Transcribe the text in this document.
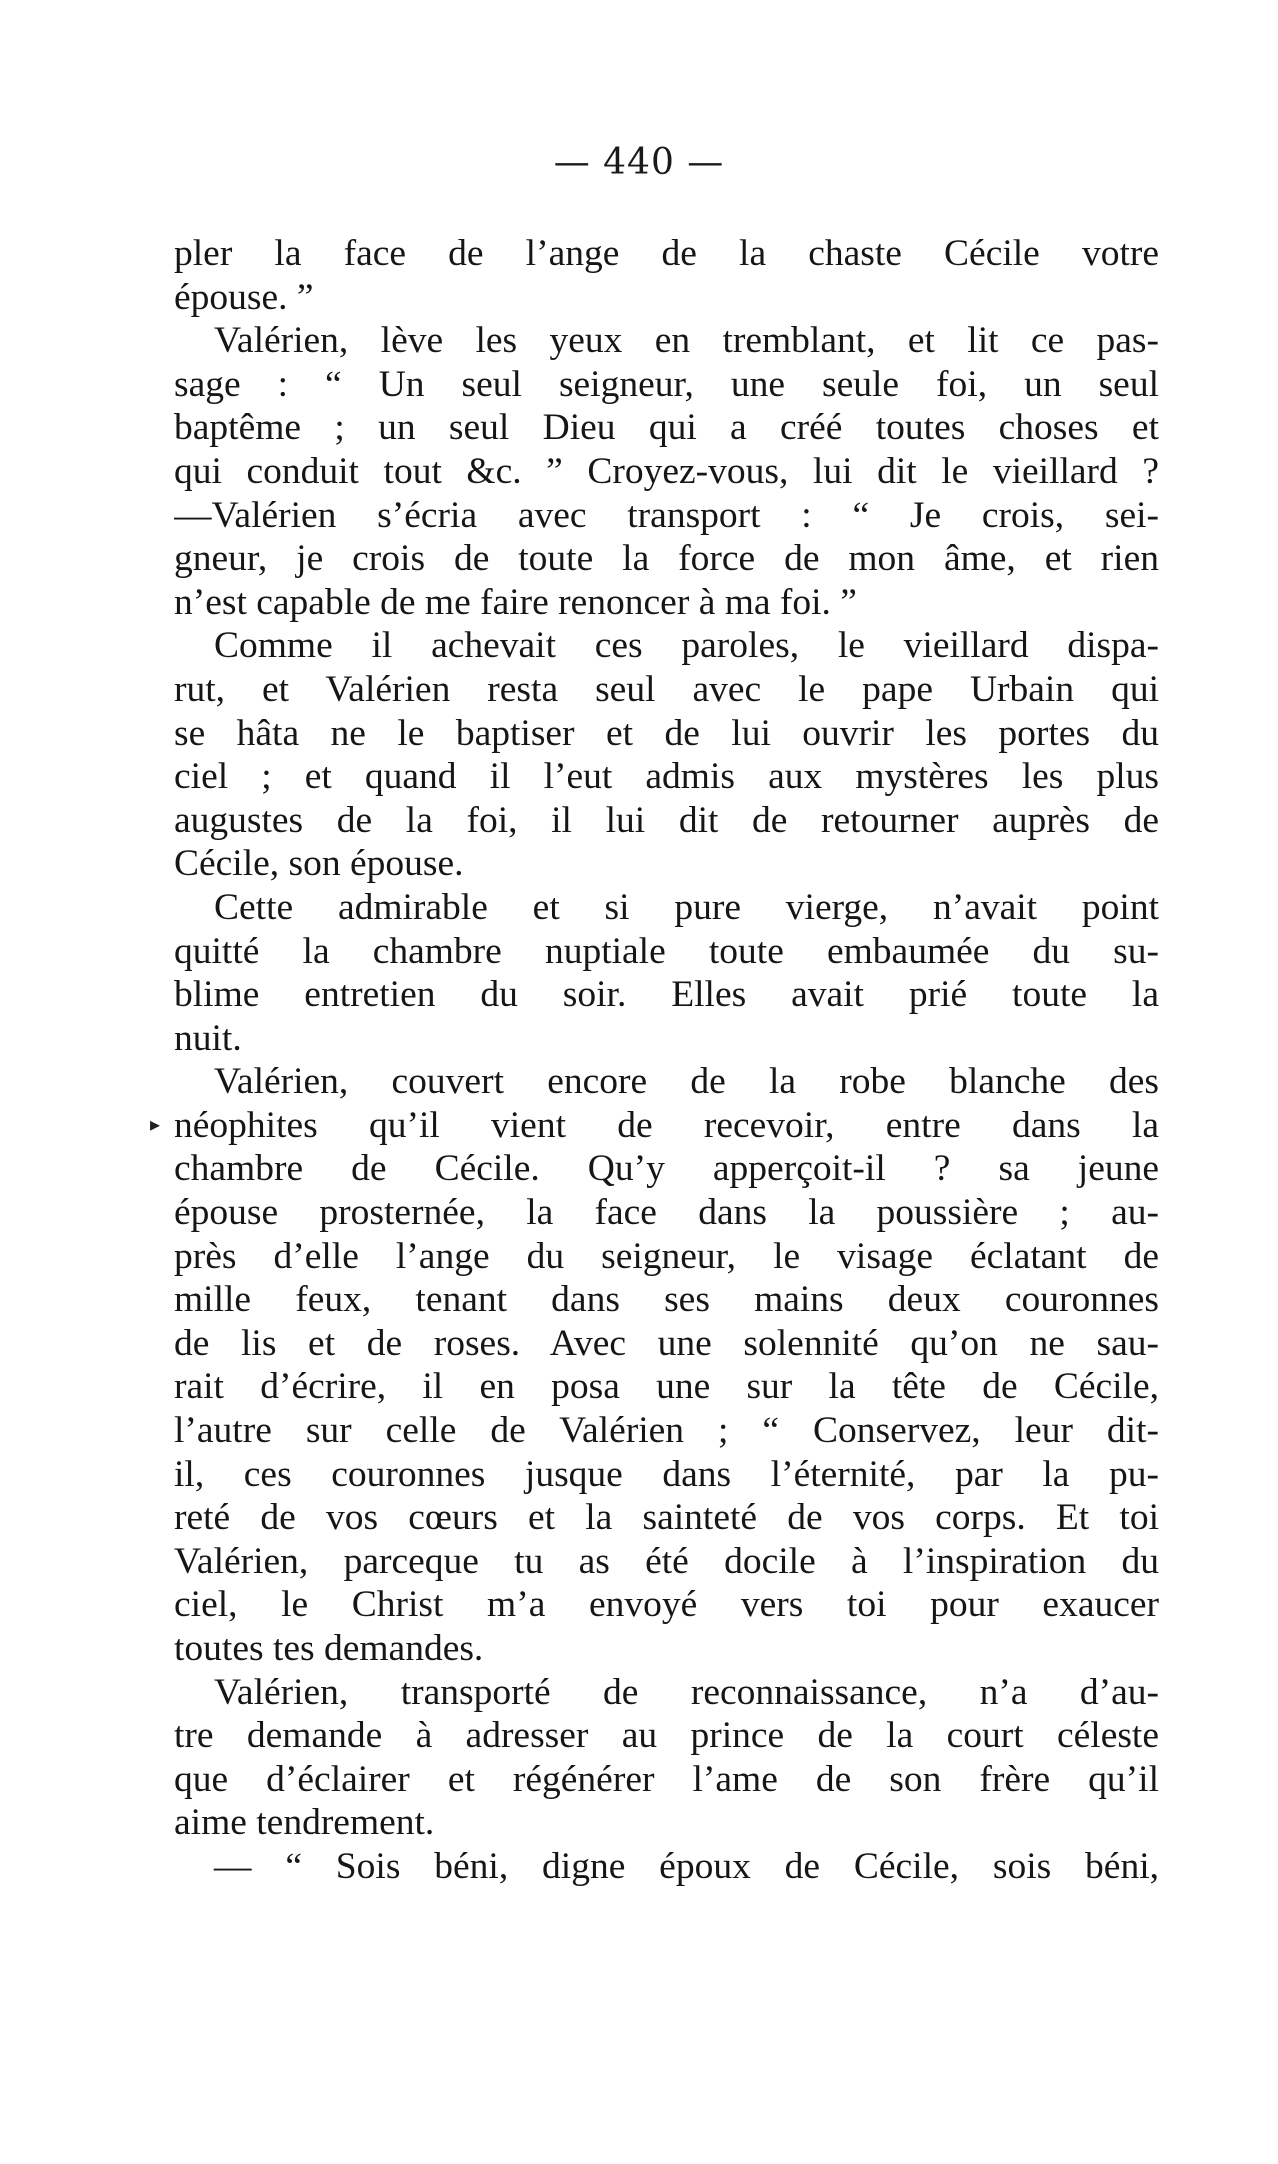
— 440 —
pler la face de l’ange de la chaste Cécile votre
épouse. ”
Valérien, lève les yeux en tremblant, et lit ce pas-
sage : “ Un seul seigneur, une seule foi, un seul
baptême ; un seul Dieu qui a créé toutes choses et
qui conduit tout &c. ” Croyez-vous, lui dit le vieillard ?
—Valérien s’écria avec transport : “ Je crois, sei-
gneur, je crois de toute la force de mon âme, et rien
n’est capable de me faire renoncer à ma foi. ”
Comme il achevait ces paroles, le vieillard dispa-
rut, et Valérien resta seul avec le pape Urbain qui
se hâta ne le baptiser et de lui ouvrir les portes du
ciel ; et quand il l’eut admis aux mystères les plus
augustes de la foi, il lui dit de retourner auprès de
Cécile, son épouse.
Cette admirable et si pure vierge, n’avait point
quitté la chambre nuptiale toute embaumée du su-
blime entretien du soir. Elles avait prié toute la
nuit.
Valérien, couvert encore de la robe blanche des
néophites qu’il vient de recevoir, entre dans la
chambre de Cécile. Qu’y apperçoit-il ? sa jeune
épouse prosternée, la face dans la poussière ; au-
près d’elle l’ange du seigneur, le visage éclatant de
mille feux, tenant dans ses mains deux couronnes
de lis et de roses. Avec une solennité qu’on ne sau-
rait d’écrire, il en posa une sur la tête de Cécile,
l’autre sur celle de Valérien ; “ Conservez, leur dit-
il, ces couronnes jusque dans l’éternité, par la pu-
reté de vos cœurs et la sainteté de vos corps. Et toi
Valérien, parceque tu as été docile à l’inspiration du
ciel, le Christ m’a envoyé vers toi pour exaucer
toutes tes demandes.
Valérien, transporté de reconnaissance, n’a d’au-
tre demande à adresser au prince de la court céleste
que d’éclairer et régénérer l’ame de son frère qu’il
aime tendrement.
— “ Sois béni, digne époux de Cécile, sois béni,
▸
